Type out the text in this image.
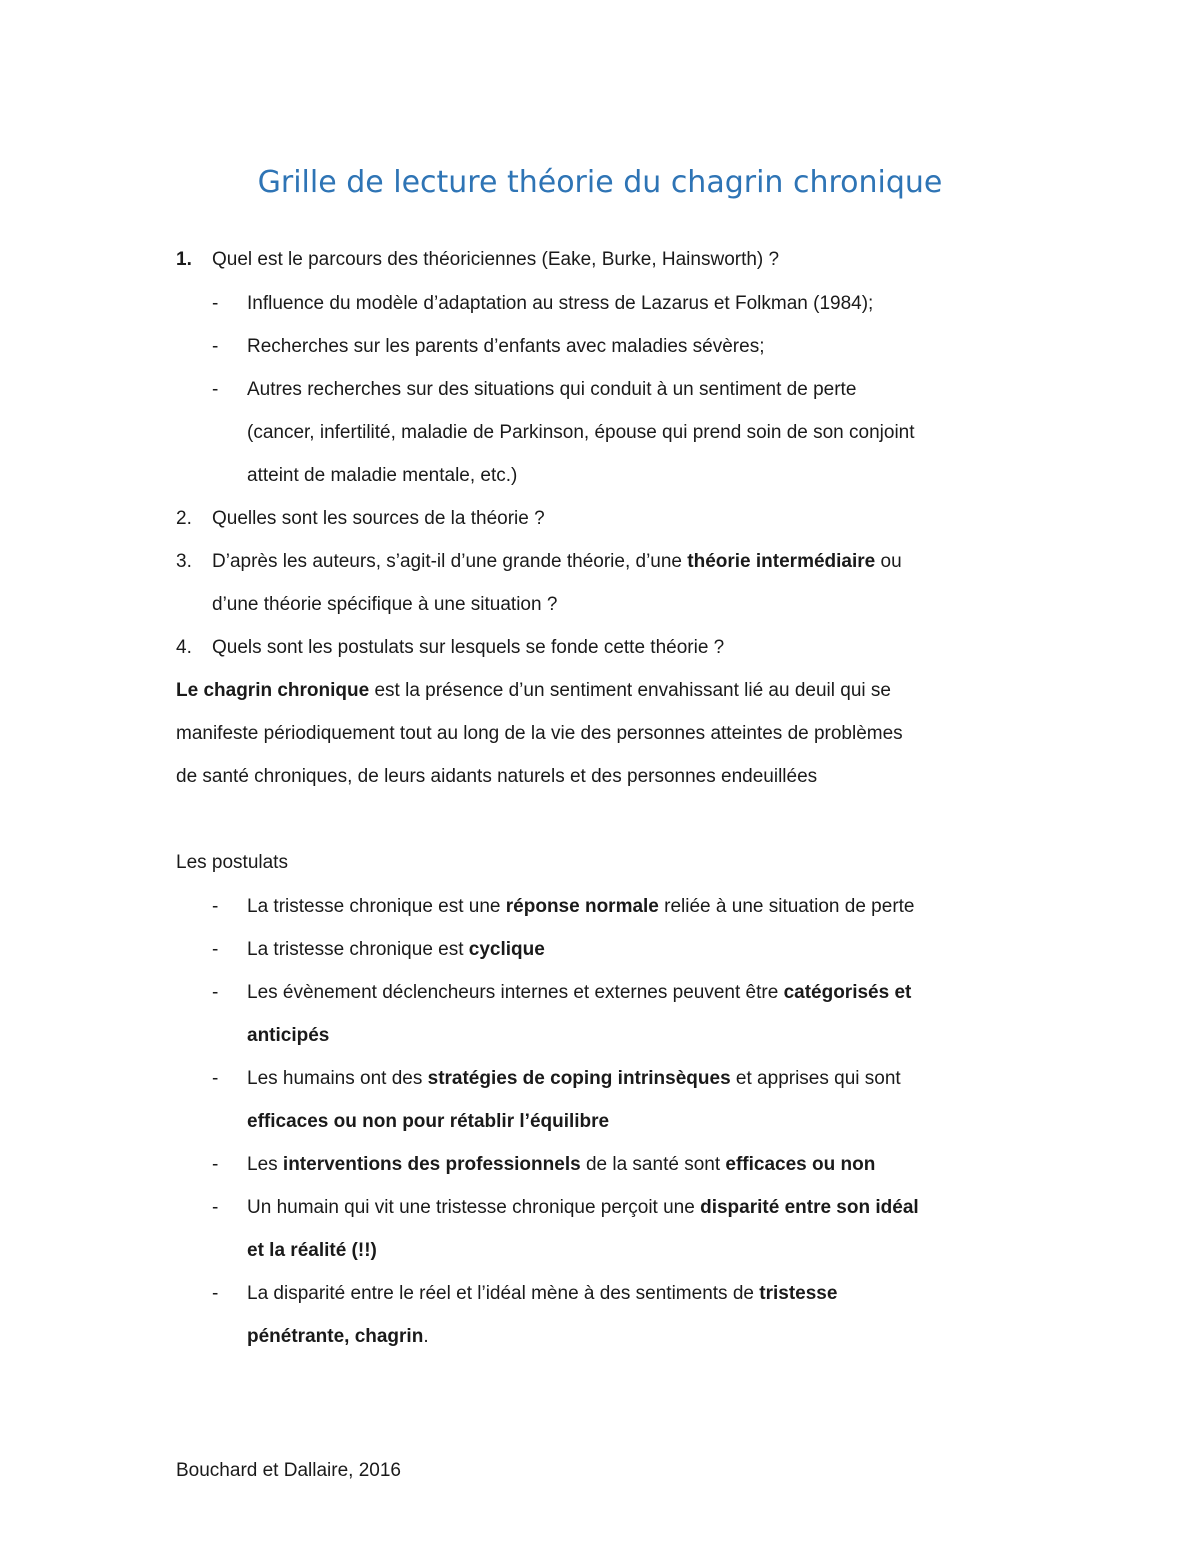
Grille de lecture théorie du chagrin chronique
1. Quel est le parcours des théoriciennes (Eake, Burke, Hainsworth) ?
- Influence du modèle d’adaptation au stress de Lazarus et Folkman (1984);
- Recherches sur les parents d’enfants avec maladies sévères;
- Autres recherches sur des situations qui conduit à un sentiment de perte
(cancer, infertilité, maladie de Parkinson, épouse qui prend soin de son conjoint
atteint de maladie mentale, etc.)
2. Quelles sont les sources de la théorie ?
3. D’après les auteurs, s’agit-il d’une grande théorie, d’une théorie intermédiaire ou
d’une théorie spécifique à une situation ?
4. Quels sont les postulats sur lesquels se fonde cette théorie ?
Le chagrin chronique est la présence d’un sentiment envahissant lié au deuil qui se
manifeste périodiquement tout au long de la vie des personnes atteintes de problèmes
de santé chroniques, de leurs aidants naturels et des personnes endeuillées
Les postulats
- La tristesse chronique est une réponse normale reliée à une situation de perte
- La tristesse chronique est cyclique
- Les évènement déclencheurs internes et externes peuvent être catégorisés et
anticipés
- Les humains ont des stratégies de coping intrinsèques et apprises qui sont
efficaces ou non pour rétablir l’équilibre
- Les interventions des professionnels de la santé sont efficaces ou non
- Un humain qui vit une tristesse chronique perçoit une disparité entre son idéal
et la réalité (!!)
- La disparité entre le réel et l’idéal mène à des sentiments de tristesse
pénétrante, chagrin.
Bouchard et Dallaire, 2016
